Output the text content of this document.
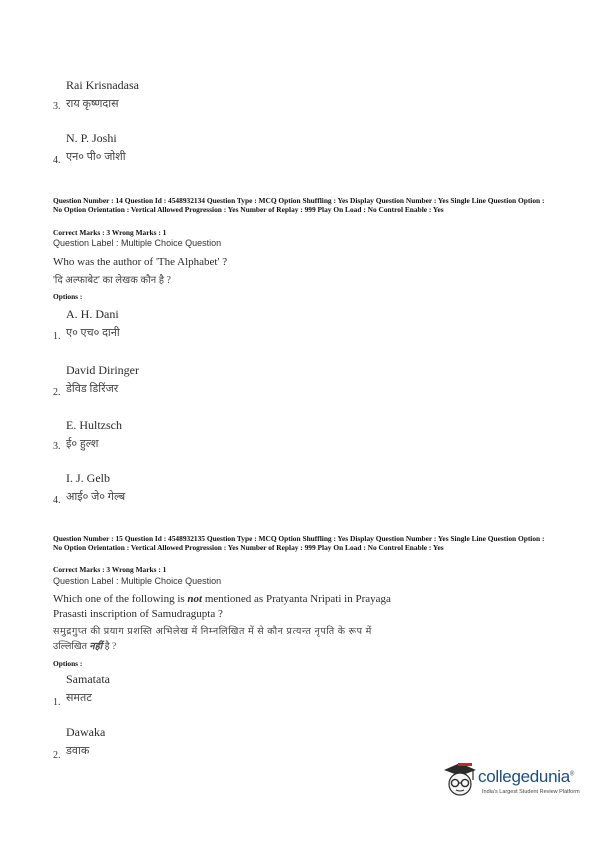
Rai Krisnadasa
राय कृष्णदास
3.
N. P. Joshi
एन० पी० जोशी
4.
Question Number : 14 Question Id : 4548932134 Question Type : MCQ Option Shuffling : Yes Display Question Number : Yes Single Line Question Option : No Option Orientation : Vertical Allowed Progression : Yes Number of Replay : 999 Play On Load : No Control Enable : Yes
Correct Marks : 3 Wrong Marks : 1
Question Label : Multiple Choice Question
Who was the author of 'The Alphabet' ?
'दि अल्फाबेट' का लेखक कौन है ?
Options :
A. H. Dani
ए० एच० दानी
1.
David Diringer
डेविड डिरिंजर
2.
E. Hultzsch
ई० हुल्श
3.
I. J. Gelb
आई० जे० गेल्ब
4.
Question Number : 15 Question Id : 4548932135 Question Type : MCQ Option Shuffling : Yes Display Question Number : Yes Single Line Question Option : No Option Orientation : Vertical Allowed Progression : Yes Number of Replay : 999 Play On Load : No Control Enable : Yes
Correct Marks : 3 Wrong Marks : 1
Question Label : Multiple Choice Question
Which one of the following is not mentioned as Pratyanta Nripati in Prayaga
Prasasti inscription of Samudragupta ?
समुद्रगुप्त की प्रयाग प्रशस्ति अभिलेख में निम्नलिखित में से कौन प्रत्यन्त नृपति के रूप में
उल्लिखित नहीं है ?
Options :
Samatata
समतट
1.
Dawaka
डवाक
2.
collegedunia®
India's Largest Student Review Platform
